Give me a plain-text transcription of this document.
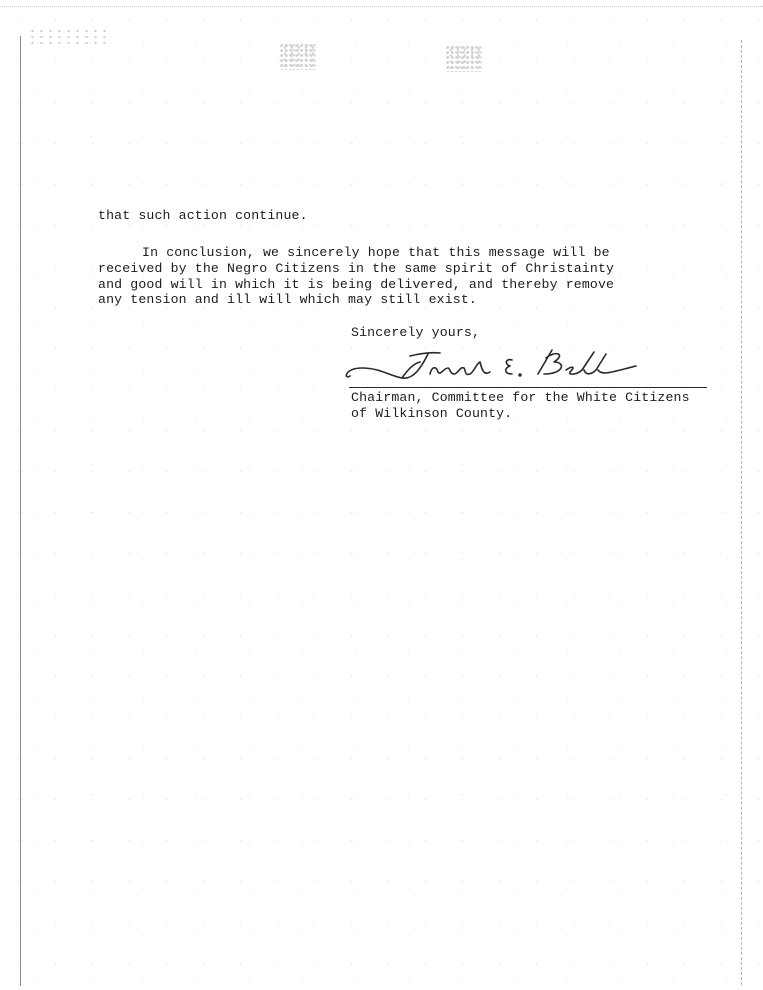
that such action continue.

In conclusion, we sincerely hope that this message will be

received by the Negro Citizens in the same spirit of Christainty

and good will in which it is being delivered, and thereby remove

any tension and ill will which may still exist.

Sincerely yours,

Chairman, Committee for the White Citizens

of Wilkinson County.
